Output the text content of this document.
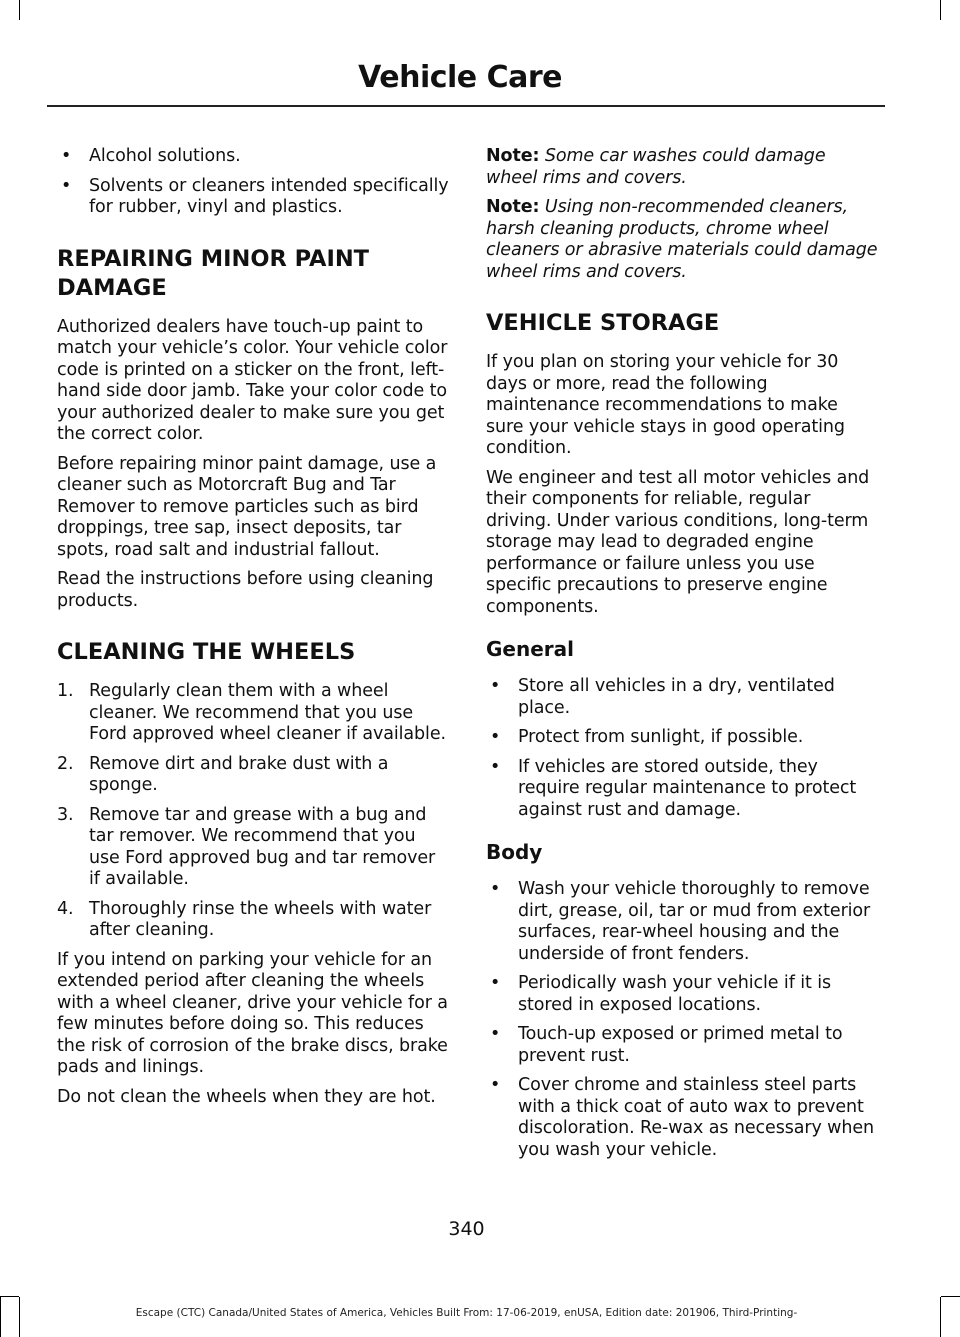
Vehicle Care
• Alcohol solutions.
• Solvents or cleaners intended specifically for rubber, vinyl and plastics.

REPAIRING MINOR PAINT

DAMAGE

Authorized dealers have touch-up paint to match your vehicle’s color. Your vehicle color code is printed on a sticker on the front, left-hand side door jamb. Take your color code to your authorized dealer to make sure you get the correct color.

Before repairing minor paint damage, use a cleaner such as Motorcraft Bug and Tar Remover to remove particles such as bird droppings, tree sap, insect deposits, tar spots, road salt and industrial fallout.

Read the instructions before using cleaning products.

CLEANING THE WHEELS

1. Regularly clean them with a wheel cleaner. We recommend that you use Ford approved wheel cleaner if available.
2. Remove dirt and brake dust with a sponge.
3. Remove tar and grease with a bug and tar remover. We recommend that you use Ford approved bug and tar remover if available.
4. Thoroughly rinse the wheels with water after cleaning.

If you intend on parking your vehicle for an extended period after cleaning the wheels with a wheel cleaner, drive your vehicle for a few minutes before doing so. This reduces the risk of corrosion of the brake discs, brake pads and linings.

Do not clean the wheels when they are hot.

Note: Some car washes could damage wheel rims and covers.

Note: Using non-recommended cleaners, harsh cleaning products, chrome wheel cleaners or abrasive materials could damage wheel rims and covers.

VEHICLE STORAGE

If you plan on storing your vehicle for 30 days or more, read the following maintenance recommendations to make sure your vehicle stays in good operating condition.

We engineer and test all motor vehicles and their components for reliable, regular driving. Under various conditions, long-term storage may lead to degraded engine performance or failure unless you use specific precautions to preserve engine components.

General

• Store all vehicles in a dry, ventilated place.
• Protect from sunlight, if possible.
• If vehicles are stored outside, they require regular maintenance to protect against rust and damage.

Body

• Wash your vehicle thoroughly to remove dirt, grease, oil, tar or mud from exterior surfaces, rear-wheel housing and the underside of front fenders.
• Periodically wash your vehicle if it is stored in exposed locations.
• Touch-up exposed or primed metal to prevent rust.
• Cover chrome and stainless steel parts with a thick coat of auto wax to prevent discoloration. Re-wax as necessary when you wash your vehicle.
340
Escape (CTC) Canada/United States of America, Vehicles Built From: 17-06-2019, enUSA, Edition date: 201906, Third-Printing-
